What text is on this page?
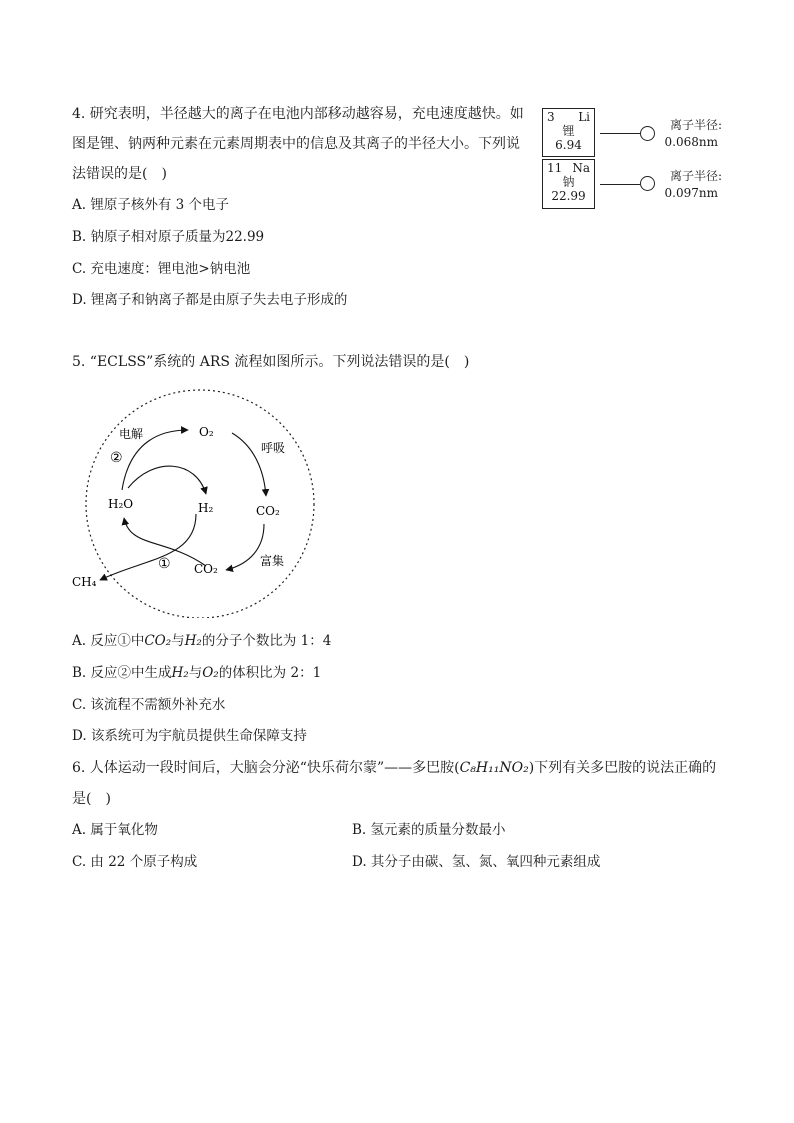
4. 研究表明，半径越大的离子在电池内部移动越容易，充电速度越快。如
图是锂、钠两种元素在元素周期表中的信息及其离子的半径大小。下列说
法错误的是(　)
A. 锂原子核外有 3 个电子
B. 钠原子相对原子质量为22.99
C. 充电速度：锂电池>钠电池
D. 锂离子和钠离子都是由原子失去电子形成的
3 Li
锂
6.94
11 Na
钠
22.99
离子半径:
0.068nm
离子半径:
0.097nm
5. “ECLSS”系统的 ARS 流程如图所示。下列说法错误的是(　)
电解
②
O₂
呼吸
H₂O	H₂	CO₂
① CO₂
富集
CH₄
A. 反应①中CO₂与H₂的分子个数比为 1：4
B. 反应②中生成H₂与O₂的体积比为 2：1
C. 该流程不需额外补充水
D. 该系统可为宇航员提供生命保障支持
6. 人体运动一段时间后，大脑会分泌“快乐荷尔蒙”——多巴胺(C₈H₁₁NO₂)下列有关多巴胺的说法正确的
是(　)
A. 属于氧化物	B. 氢元素的质量分数最小
C. 由 22 个原子构成	D. 其分子由碳、氢、氮、氧四种元素组成
